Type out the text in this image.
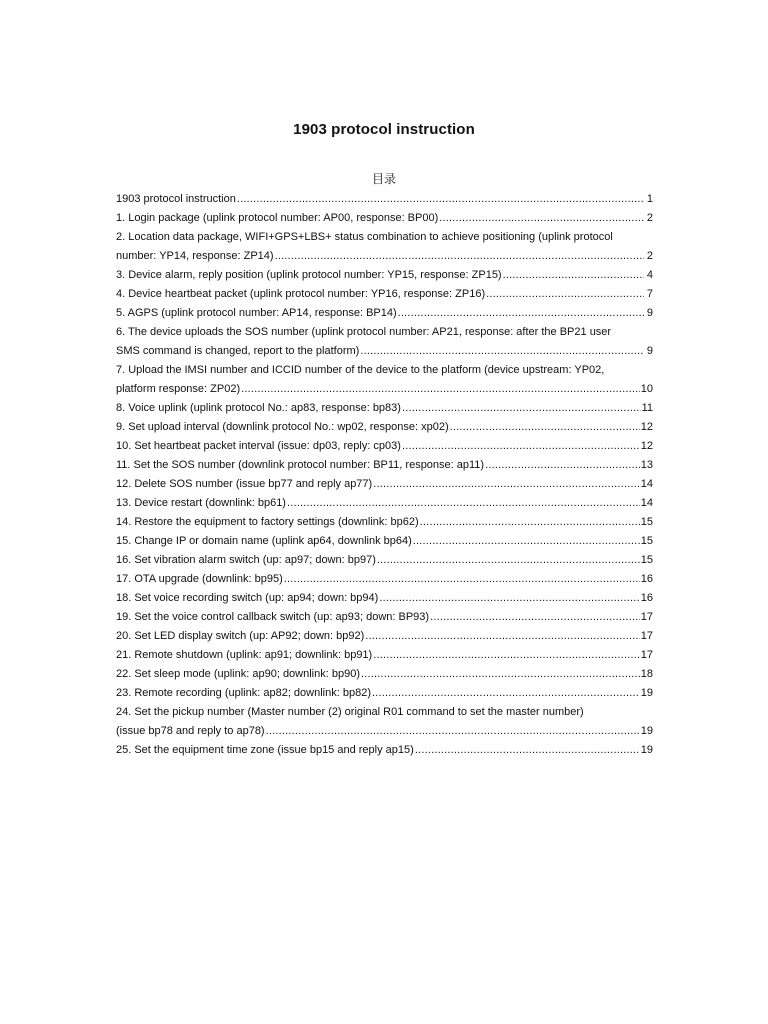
1903 protocol instruction
目录
1903 protocol instruction .....	1
1. Login package (uplink protocol number: AP00, response: BP00) .....	2
2. Location data package, WIFI+GPS+LBS+ status combination to achieve positioning (uplink protocol
number: YP14, response: ZP14) .....	2
3. Device alarm, reply position (uplink protocol number: YP15, response: ZP15) .....	4
4. Device heartbeat packet (uplink protocol number: YP16, response: ZP16) .....	7
5. AGPS (uplink protocol number: AP14, response: BP14) .....	9
6. The device uploads the SOS number (uplink protocol number: AP21, response: after the BP21 user
SMS command is changed, report to the platform) .....	9
7. Upload the IMSI number and ICCID number of the device to the platform (device upstream: YP02,
platform response: ZP02) .....	10
8. Voice uplink (uplink protocol No.: ap83, response: bp83) .....	11
9. Set upload interval (downlink protocol No.: wp02, response: xp02) .....	12
10. Set heartbeat packet interval (issue: dp03, reply: cp03) .....	12
11. Set the SOS number (downlink protocol number: BP11, response: ap11) .....	13
12. Delete SOS number (issue bp77 and reply ap77) .....	14
13. Device restart (downlink: bp61) .....	14
14. Restore the equipment to factory settings (downlink: bp62) .....	15
15. Change IP or domain name (uplink ap64, downlink bp64) .....	15
16. Set vibration alarm switch (up: ap97; down: bp97) .....	15
17. OTA upgrade (downlink: bp95) .....	16
18. Set voice recording switch (up: ap94; down: bp94) .....	16
19. Set the voice control callback switch (up: ap93; down: BP93) .....	17
20. Set LED display switch (up: AP92; down: bp92) .....	17
21. Remote shutdown (uplink: ap91; downlink: bp91) .....	17
22. Set sleep mode (uplink: ap90; downlink: bp90) .....	18
23. Remote recording (uplink: ap82; downlink: bp82) .....	19
24. Set the pickup number (Master number (2) original R01 command to set the master number)
(issue bp78 and reply to ap78) .....	19
25. Set the equipment time zone (issue bp15 and reply ap15) .....	19
